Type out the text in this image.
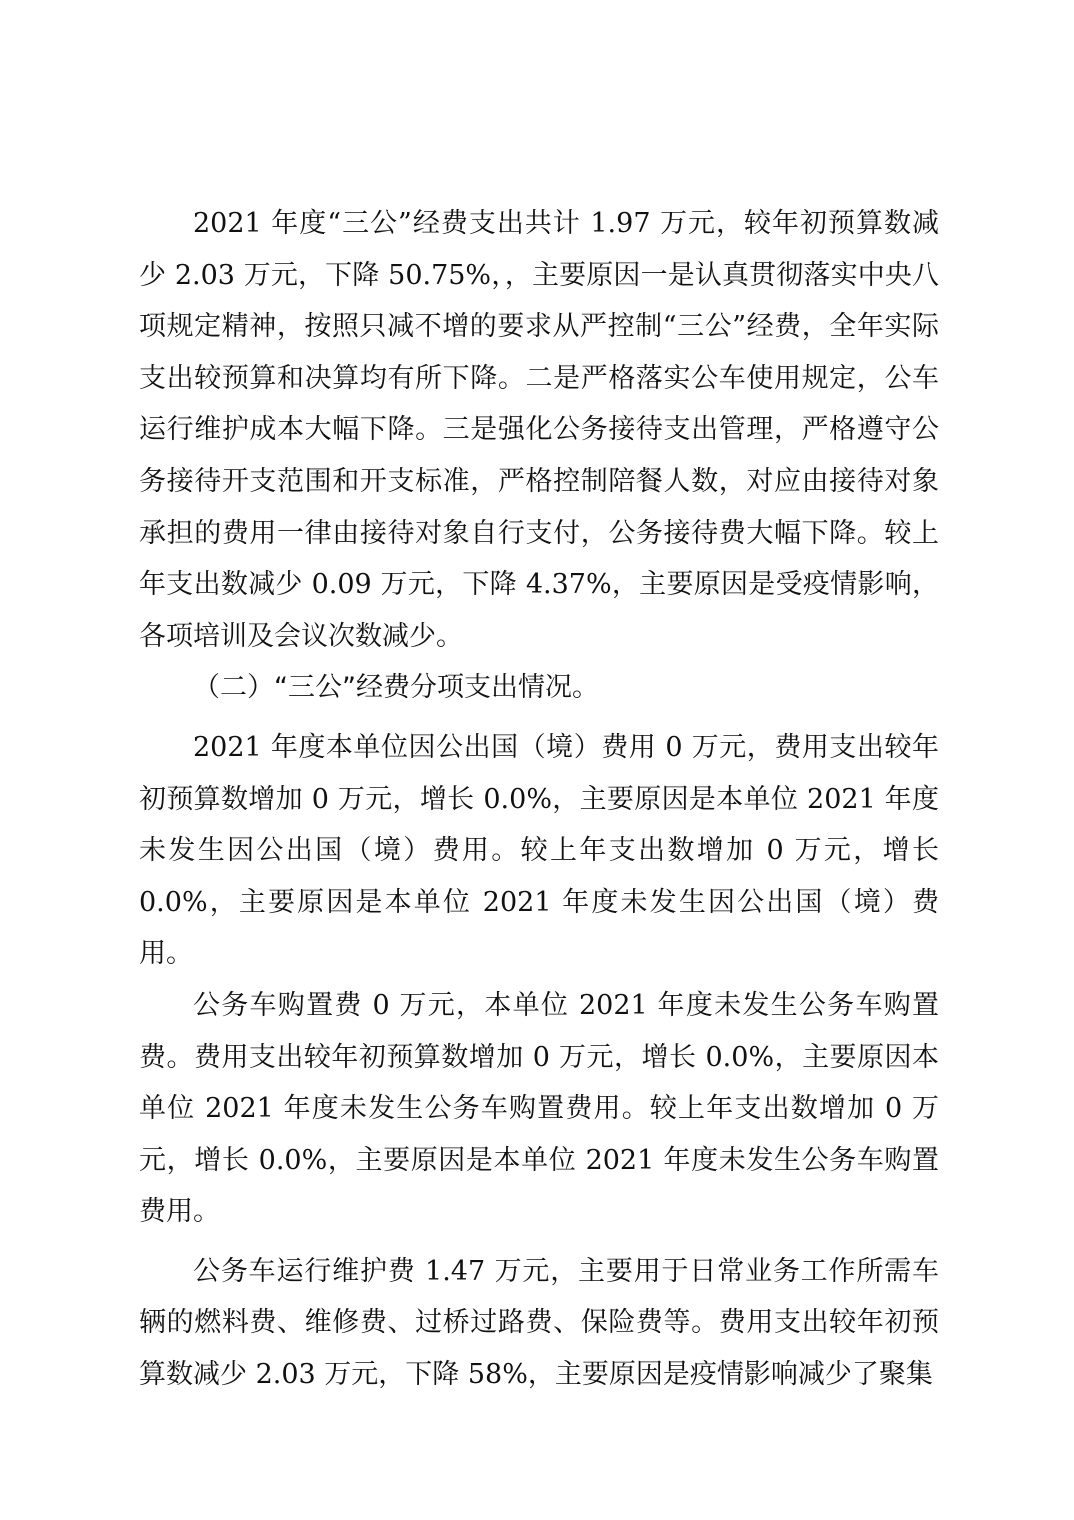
2021 年度“三公”经费支出共计 1.97 万元，较年初预算数减少 2.03 万元，下降 50.75%，，主要原因一是认真贯彻落实中央八项规定精神，按照只减不增的要求从严控制“三公”经费，全年实际支出较预算和决算均有所下降。二是严格落实公车使用规定，公车运行维护成本大幅下降。三是强化公务接待支出管理，严格遵守公务接待开支范围和开支标准，严格控制陪餐人数，对应由接待对象承担的费用一律由接待对象自行支付，公务接待费大幅下降。较上年支出数减少 0.09 万元，下降 4.37%，主要原因是受疫情影响，各项培训及会议次数减少。

（二）“三公”经费分项支出情况。

2021 年度本单位因公出国（境）费用 0 万元，费用支出较年初预算数增加 0 万元，增长 0.0%，主要原因是本单位 2021 年度未发生因公出国（境）费用。较上年支出数增加 0 万元，增长 0.0%，主要原因是本单位 2021 年度未发生因公出国（境）费用。

公务车购置费 0 万元，本单位 2021 年度未发生公务车购置费。费用支出较年初预算数增加 0 万元，增长 0.0%，主要原因本单位 2021 年度未发生公务车购置费用。较上年支出数增加 0 万元，增长 0.0%，主要原因是本单位 2021 年度未发生公务车购置费用。

公务车运行维护费 1.47 万元，主要用于日常业务工作所需车辆的燃料费、维修费、过桥过路费、保险费等。费用支出较年初预算数减少 2.03 万元，下降 58%，主要原因是疫情影响减少了聚集
